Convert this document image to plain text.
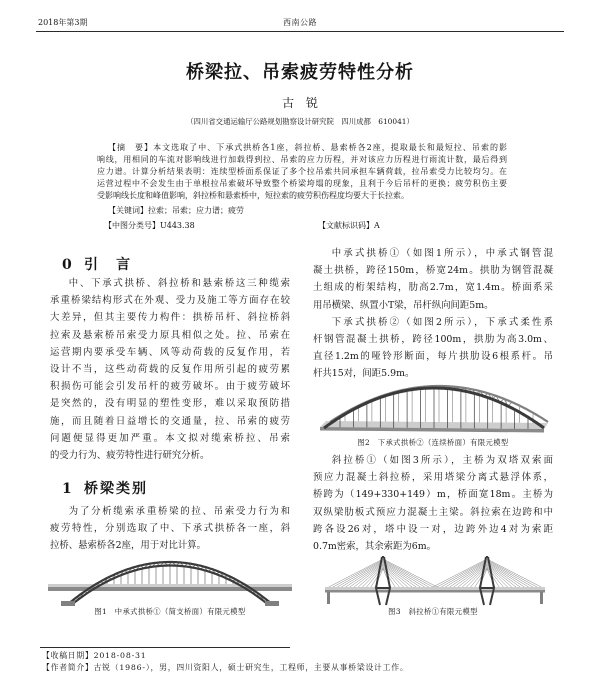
2018年第3期	西南公路
桥梁拉、吊索疲劳特性分析
古 锐
（四川省交通运输厅公路规划勘察设计研究院　四川成都　610041）
【摘　要】本文选取了中、下承式拱桥各1座，斜拉桥、悬索桥各2座，提取最长和最短拉、吊索的影
响线，用相同的车流对影响线进行加载得到拉、吊索的应力历程，并对该应力历程进行雨流计数，最后得到
应力谱。计算分析结果表明：连续型桥面系保证了多个拉吊索共同承担车辆荷载，拉吊索受力比较均匀。在
运营过程中不会发生由于单根拉吊索破坏导致整个桥梁垮塌的现象，且利于今后吊杆的更换；疲劳积伤主要
受影响线长度和峰值影响，斜拉桥和悬索桥中，短拉索的疲劳积伤程度均要大于长拉索。
【关键词】拉索；吊索；应力谱；疲劳
【中图分类号】U443.38	【文献标识码】A
0 引　言
中、下承式拱桥、斜拉桥和悬索桥这三种缆索
承重桥梁结构形式在外观、受力及施工等方面存在较
大差异，但其主要传力构件：拱桥吊杆、斜拉桥斜
拉索及悬索桥吊索受力原具相似之处。拉、吊索在
运营期内要承受车辆、风等动荷载的反复作用，若
设计不当，这些动荷载的反复作用所引起的疲劳累
积损伤可能会引发吊杆的疲劳破坏。由于疲劳破坏
是突然的，没有明显的塑性变形，难以采取预防措
施，而且随着日益增长的交通量，拉、吊索的疲劳
问题便显得更加严重。本文拟对缆索桥拉、吊索
的受力行为、疲劳特性进行研究分析。
1 桥梁类别
为了分析缆索承重桥梁的拉、吊索受力行为和
疲劳特性，分别选取了中、下承式拱桥各一座，斜
拉桥、悬索桥各2座，用于对比计算。
图1　中承式拱桥①（简支桥面）有限元模型
中承式拱桥①（如图1所示），中承式钢管混
凝土拱桥，跨径150m，桥宽24m。拱肋为钢管混凝
土组成的桁架结构，肋高2.7m，宽1.4m。桥面系采
用吊横梁、纵置小T梁，吊杆纵向间距5m。
下承式拱桥②（如图2所示），下承式柔性系
杆钢管混凝土拱桥，跨径100m，拱肋为高3.0m、
直径1.2m的哑铃形断面，每片拱肋设6根系杆。吊
杆共15对，间距5.9m。
图2　下承式拱桥②（连续桥面）有限元模型
斜拉桥①（如图3所示），主桥为双塔双索面
预应力混凝土斜拉桥，采用塔梁分离式悬浮体系，
桥跨为（149+330+149）m，桥面宽18m。主桥为
双纵梁肋板式预应力混凝土主梁。斜拉索在边跨和中
跨各设26对，塔中设一对，边跨外边4对为索距
0.7m密索，其余索距为6m。
图3　斜拉桥①有限元模型
【收稿日期】2018-08-31
【作者简介】古锐（1986-），男，四川资阳人，硕士研究生，工程师，主要从事桥梁设计工作。
